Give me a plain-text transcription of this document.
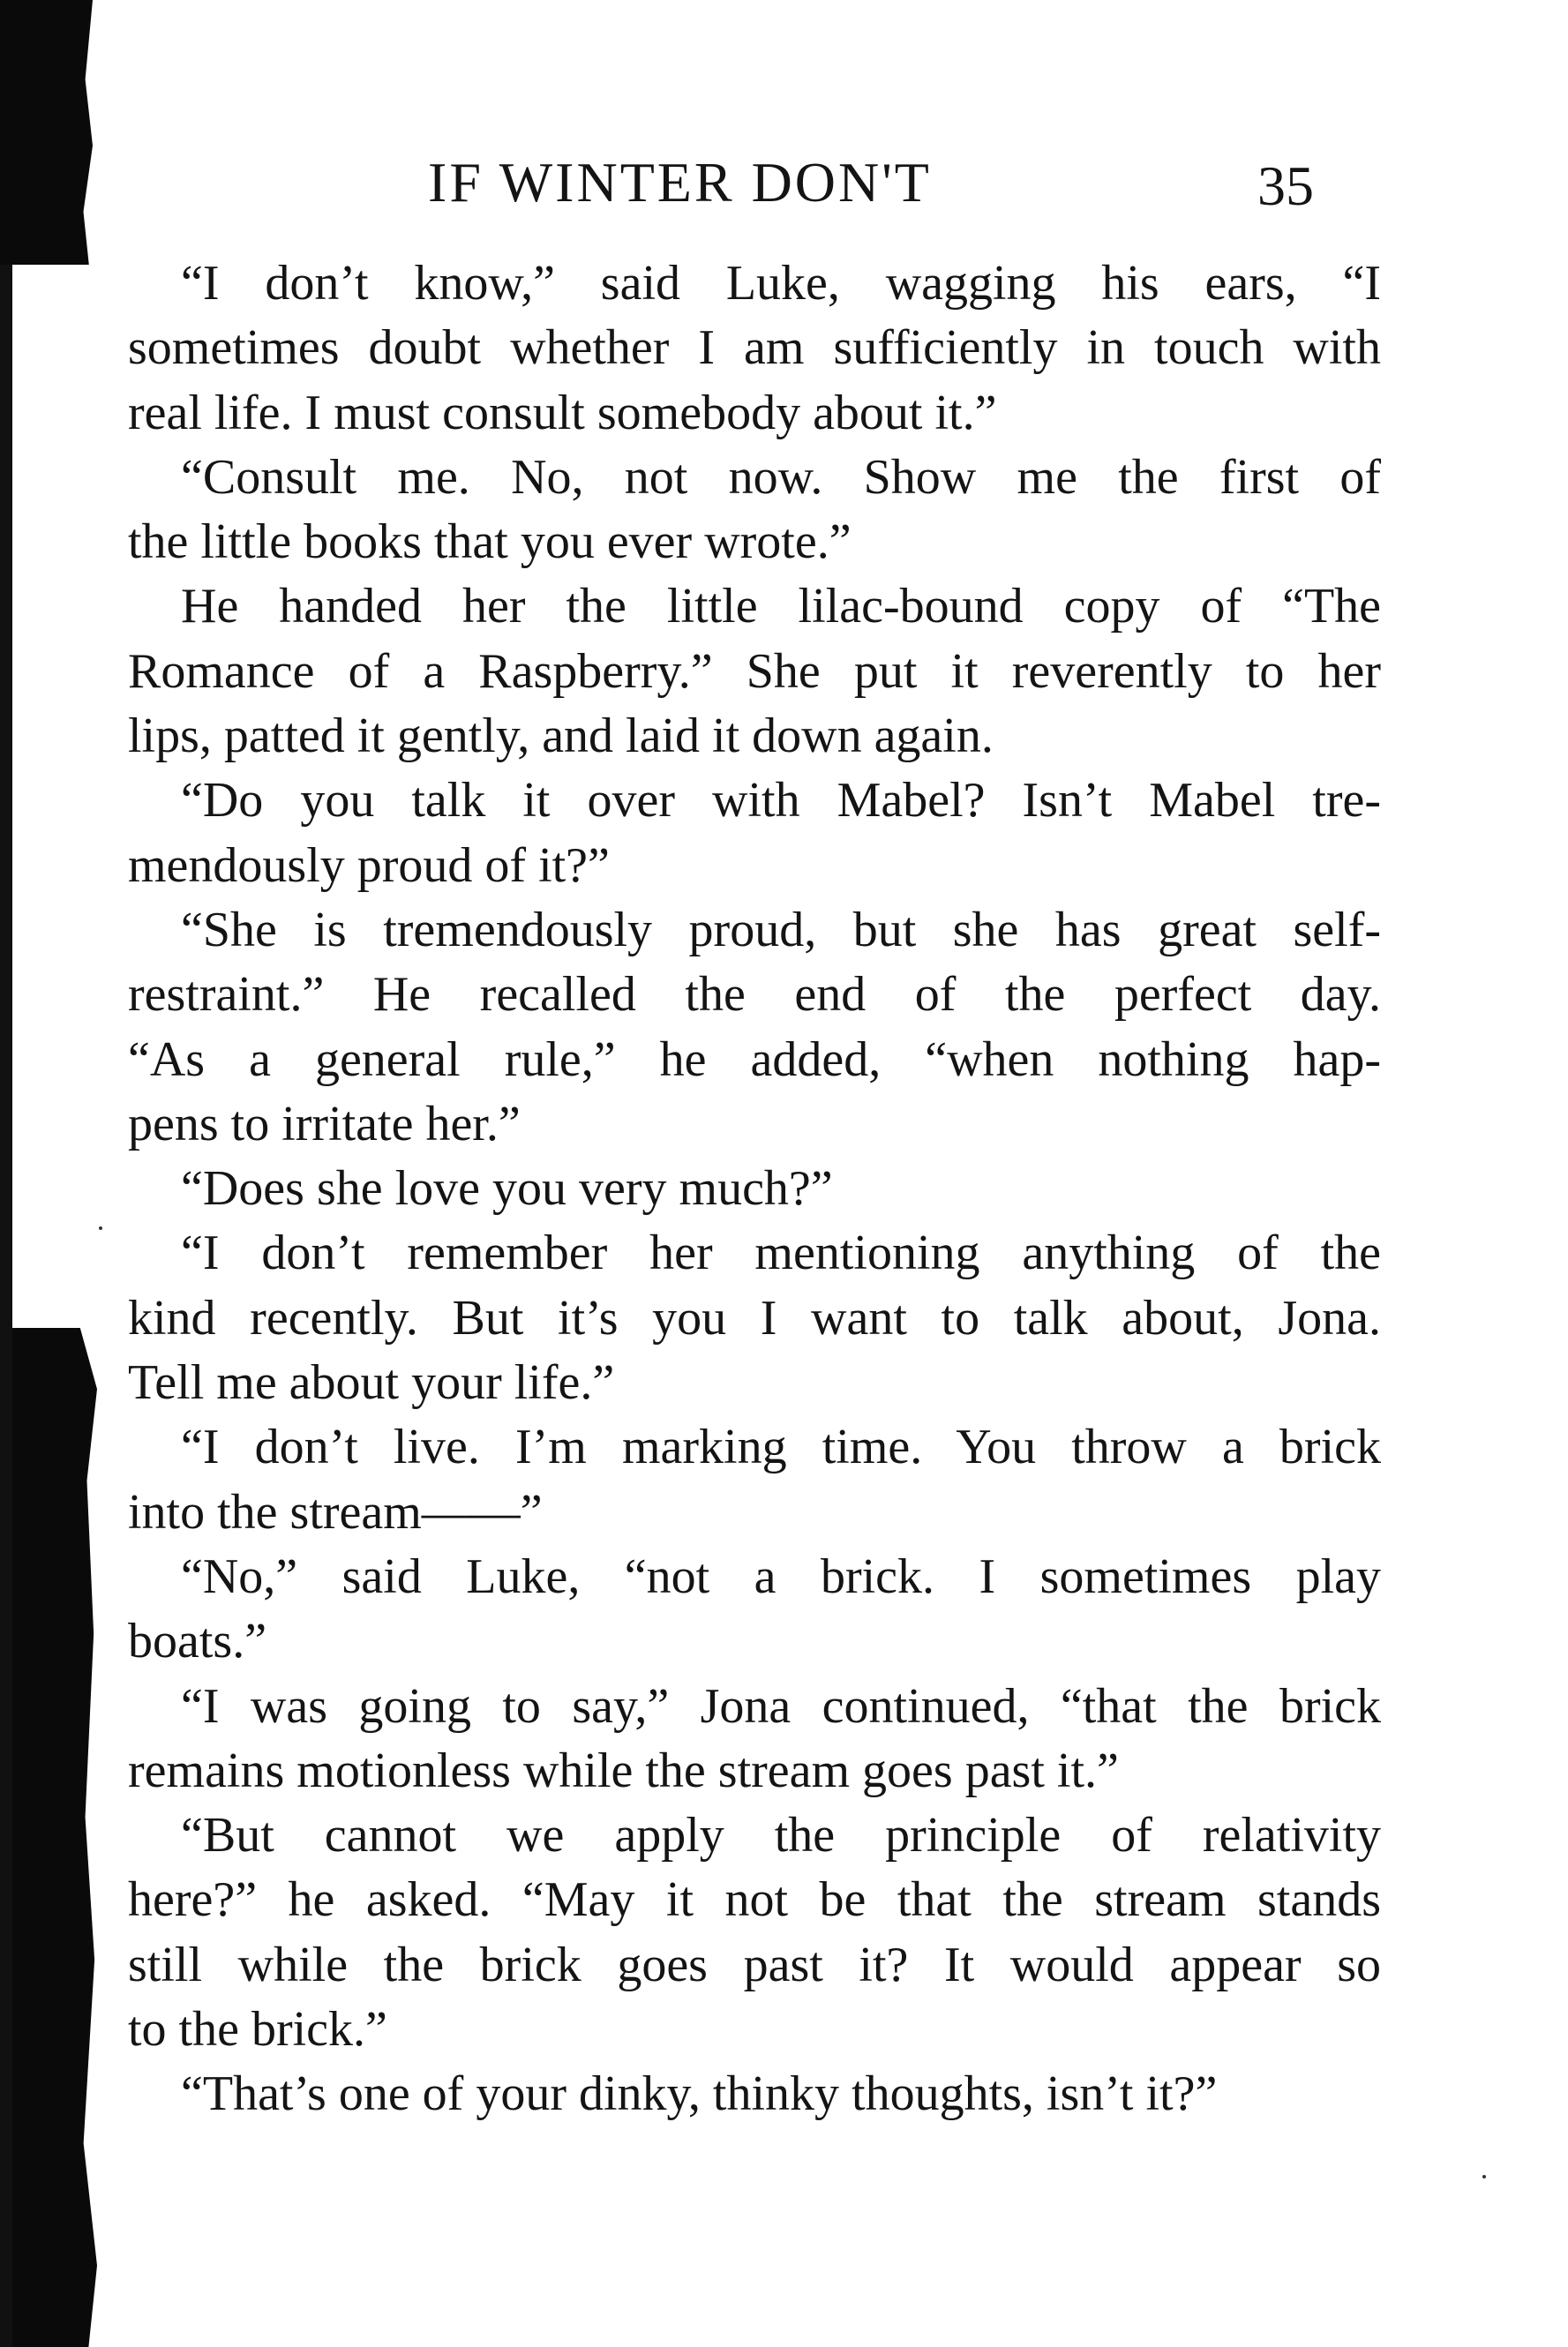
IF WINTER DON'T	35
“I don’t know,” said Luke, wagging his ears, “I
sometimes doubt whether I am sufficiently in touch with
real life. I must consult somebody about it.”
“Consult me. No, not now. Show me the first of
the little books that you ever wrote.”
He handed her the little lilac-bound copy of “The
Romance of a Raspberry.” She put it reverently to her
lips, patted it gently, and laid it down again.
“Do you talk it over with Mabel? Isn’t Mabel tre-
mendously proud of it?”
“She is tremendously proud, but she has great self-
restraint.” He recalled the end of the perfect day.
“As a general rule,” he added, “when nothing hap-
pens to irritate her.”
“Does she love you very much?”
“I don’t remember her mentioning anything of the
kind recently. But it’s you I want to talk about, Jona.
Tell me about your life.”
“I don’t live. I’m marking time. You throw a brick
into the stream——”
“No,” said Luke, “not a brick. I sometimes play
boats.”
“I was going to say,” Jona continued, “that the brick
remains motionless while the stream goes past it.”
“But cannot we apply the principle of relativity
here?” he asked. “May it not be that the stream stands
still while the brick goes past it? It would appear so
to the brick.”
“That’s one of your dinky, thinky thoughts, isn’t it?”
